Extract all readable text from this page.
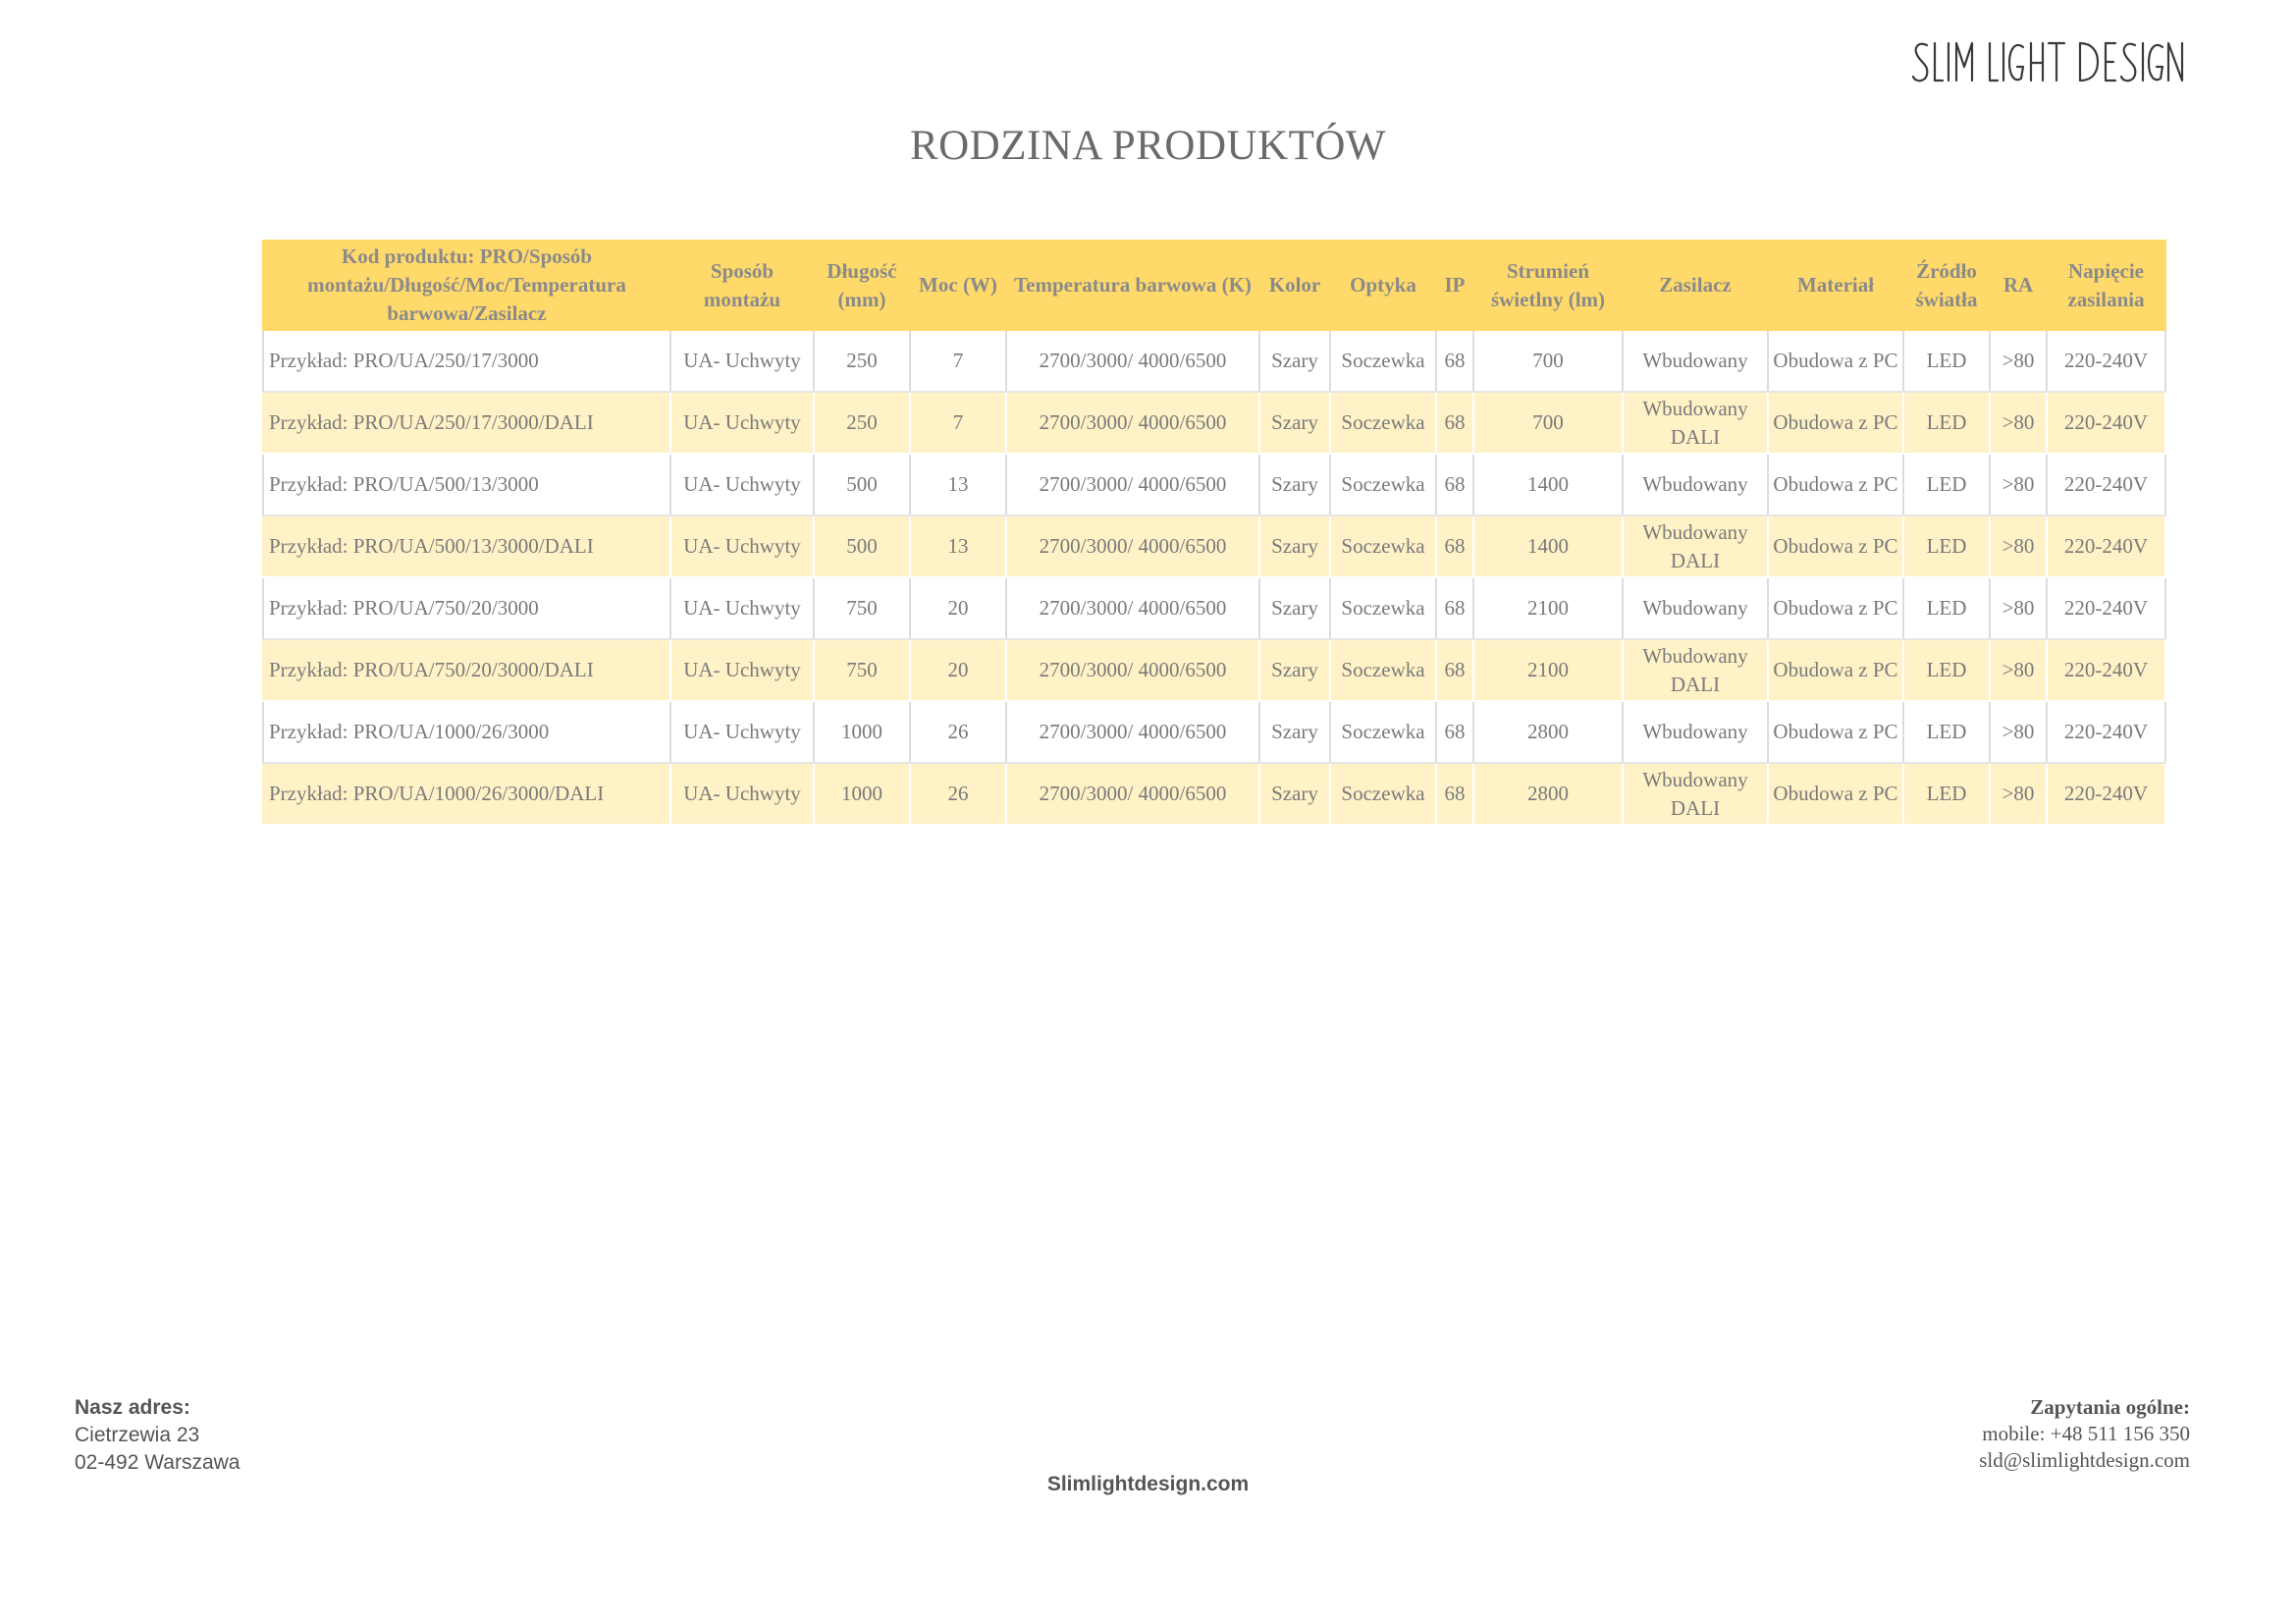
RODZINA PRODUKTÓW
Kod produktu: PRO/Sposób montażu/Długość/Moc/Temperatura barwowa/Zasilacz	Sposób montażu	Długość (mm)	Moc (W)	Temperatura barwowa (K)	Kolor	Optyka	IP	Strumień świetlny (lm)	Zasilacz	Materiał	Źródło światła	RA	Napięcie zasilania
Przykład: PRO/UA/250/17/3000	UA- Uchwyty	250	7	2700/3000/ 4000/6500	Szary	Soczewka	68	700	Wbudowany	Obudowa z PC	LED	>80	220-240V
Przykład: PRO/UA/250/17/3000/DALI	UA- Uchwyty	250	7	2700/3000/ 4000/6500	Szary	Soczewka	68	700	Wbudowany DALI	Obudowa z PC	LED	>80	220-240V
Przykład: PRO/UA/500/13/3000	UA- Uchwyty	500	13	2700/3000/ 4000/6500	Szary	Soczewka	68	1400	Wbudowany	Obudowa z PC	LED	>80	220-240V
Przykład: PRO/UA/500/13/3000/DALI	UA- Uchwyty	500	13	2700/3000/ 4000/6500	Szary	Soczewka	68	1400	Wbudowany DALI	Obudowa z PC	LED	>80	220-240V
Przykład: PRO/UA/750/20/3000	UA- Uchwyty	750	20	2700/3000/ 4000/6500	Szary	Soczewka	68	2100	Wbudowany	Obudowa z PC	LED	>80	220-240V
Przykład: PRO/UA/750/20/3000/DALI	UA- Uchwyty	750	20	2700/3000/ 4000/6500	Szary	Soczewka	68	2100	Wbudowany DALI	Obudowa z PC	LED	>80	220-240V
Przykład: PRO/UA/1000/26/3000	UA- Uchwyty	1000	26	2700/3000/ 4000/6500	Szary	Soczewka	68	2800	Wbudowany	Obudowa z PC	LED	>80	220-240V
Przykład: PRO/UA/1000/26/3000/DALI	UA- Uchwyty	1000	26	2700/3000/ 4000/6500	Szary	Soczewka	68	2800	Wbudowany DALI	Obudowa z PC	LED	>80	220-240V
Nasz adres:
Cietrzewia 23
02-492 Warszawa
Slimlightdesign.com
Zapytania ogólne:
mobile: +48 511 156 350
sld@slimlightdesign.com
